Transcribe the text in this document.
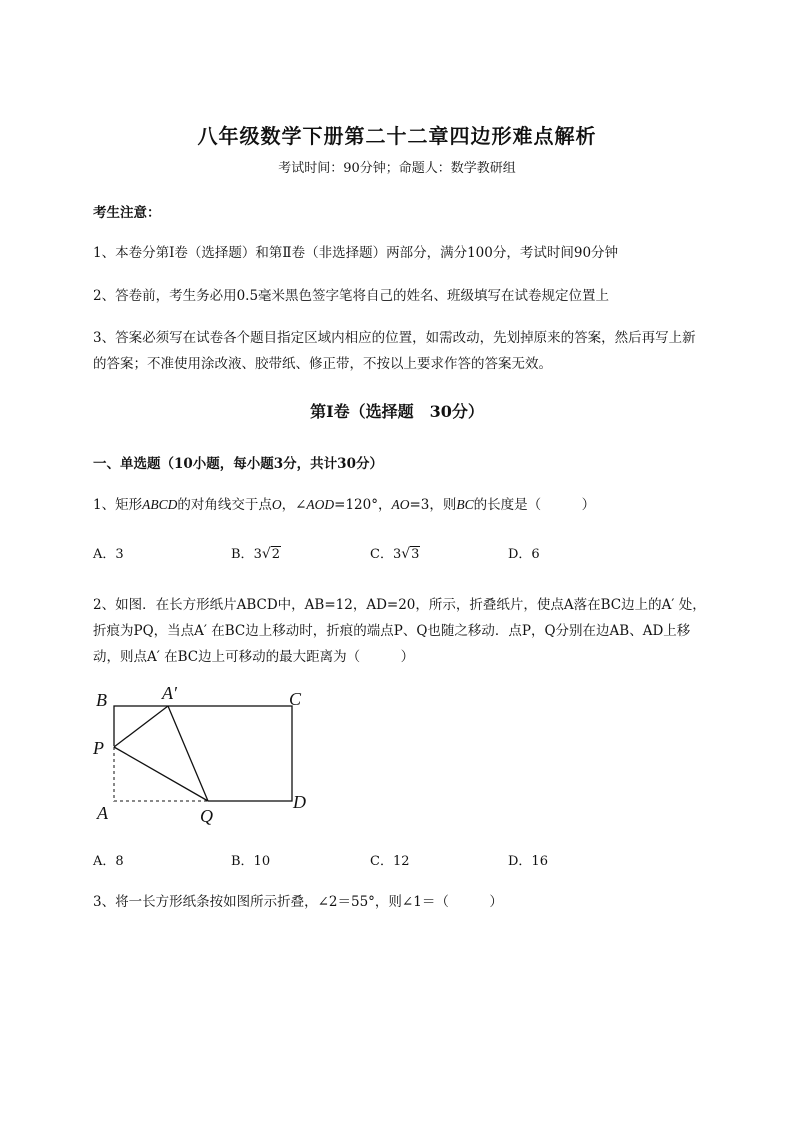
八年级数学下册第二十二章四边形难点解析
考试时间：90分钟；命题人：数学教研组
考生注意：
1、本卷分第I卷（选择题）和第Ⅱ卷（非选择题）两部分，满分100分，考试时间90分钟
2、答卷前，考生务必用0.5毫米黑色签字笔将自己的姓名、班级填写在试卷规定位置上
3、答案必须写在试卷各个题目指定区域内相应的位置，如需改动，先划掉原来的答案，然后再写上新
的答案；不准使用涂改液、胶带纸、修正带，不按以上要求作答的答案无效。
第I卷（选择题　30分）
一、单选题（10小题，每小题3分，共计30分）
1、矩形ABCD的对角线交于点O，∠AOD=120°，AO=3，则BC的长度是（　　　）
A．3	B．3√2	C．3√3	D．6
2、如图．在长方形纸片ABCD中，AB=12，AD=20，所示，折叠纸片，使点A落在BC边上的A′ 处，
折痕为PQ，当点A′ 在BC边上移动时，折痕的端点P、Q也随之移动．点P，Q分别在边AB、AD上移
动，则点A′ 在BC边上可移动的最大距离为（　　　）
B	A′	C
P
A	Q
D
A．8	B．10	C．12	D．16
3、将一长方形纸条按如图所示折叠，∠2＝55°，则∠1＝（　　　）
